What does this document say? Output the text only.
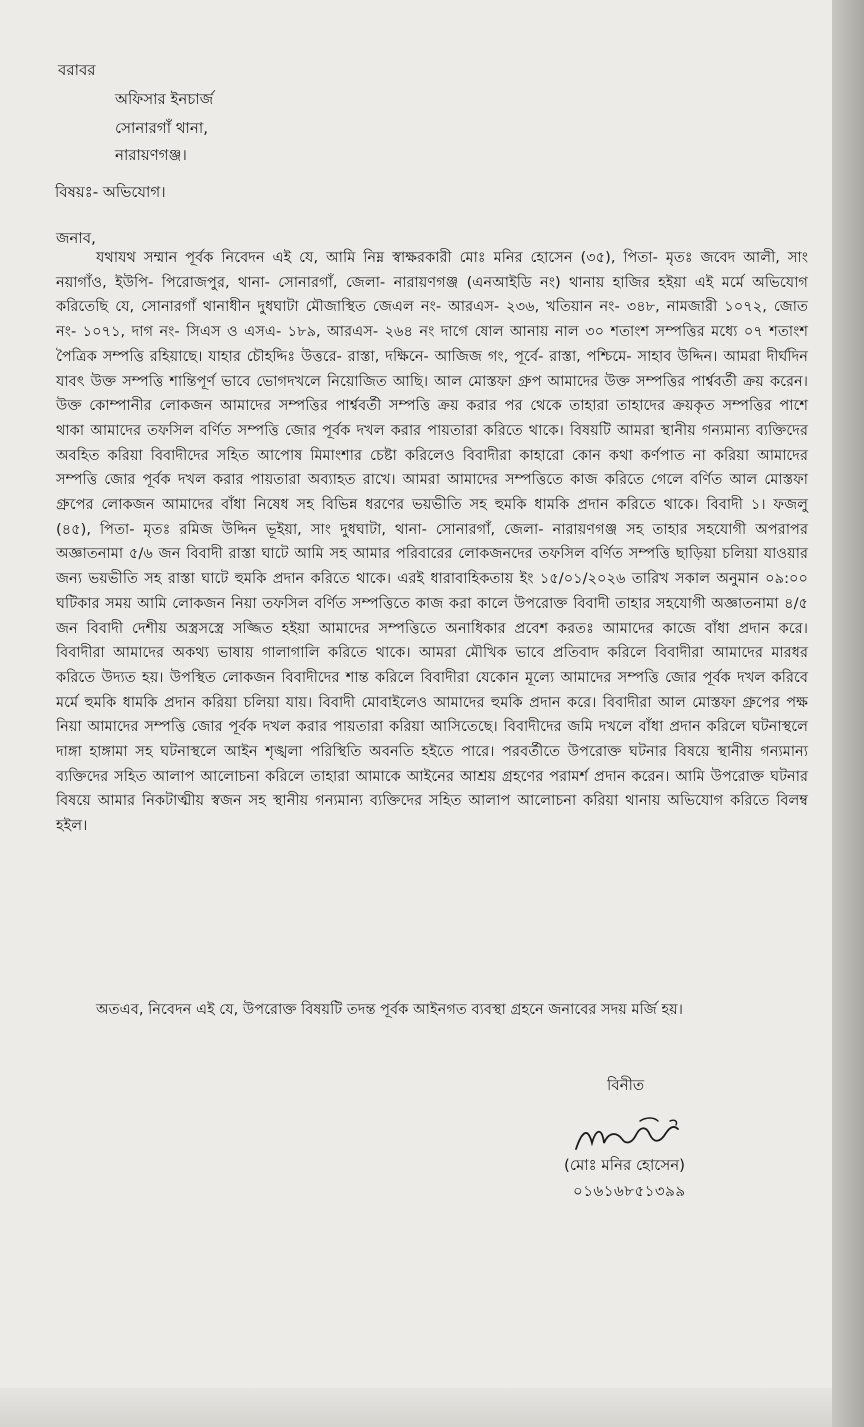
বরাবর
অফিসার ইনচার্জ
সোনারগাঁ থানা,
নারায়ণগঞ্জ।
বিষয়ঃ- অভিযোগ।
জনাব,

যথাযথ সম্মান পূর্বক নিবেদন এই যে, আমি নিম্ন স্বাক্ষরকারী মোঃ মনির হোসেন (৩৫), পিতা- মৃতঃ জবেদ আলী, সাং নয়াগাঁও, ইউপি- পিরোজপুর, থানা- সোনারগাঁ, জেলা- নারায়ণগঞ্জ (এনআইডি নং) থানায় হাজির হইয়া এই মর্মে অভিযোগ করিতেছি যে, সোনারগাঁ থানাধীন দুধঘাটা মৌজাস্থিত জেএল নং- আরএস- ২৩৬, খতিয়ান নং- ৩৪৮, নামজারী ১০৭২, জোত নং- ১০৭১, দাগ নং- সিএস ও এসএ- ১৮৯, আরএস- ২৬৪ নং দাগে ষোল আনায় নাল ৩০ শতাংশ সম্পত্তির মধ্যে ০৭ শতাংশ পৈত্রিক সম্পত্তি রহিয়াছে। যাহার চৌহদ্দিঃ উত্তরে- রাস্তা, দক্ষিনে- আজিজ গং, পূর্বে- রাস্তা, পশ্চিমে- সাহাব উদ্দিন। আমরা দীর্ঘদিন যাবৎ উক্ত সম্পত্তি শান্তিপূর্ণ ভাবে ভোগদখলে নিয়োজিত আছি। আল মোস্তফা গ্রুপ আমাদের উক্ত সম্পত্তির পার্শ্ববর্তী ক্রয় করেন। উক্ত কোম্পানীর লোকজন আমাদের সম্পত্তির পার্শ্ববর্তী সম্পত্তি ক্রয় করার পর থেকে তাহারা তাহাদের ক্রয়কৃত সম্পত্তির পাশে থাকা আমাদের তফসিল বর্ণিত সম্পত্তি জোর পূর্বক দখল করার পায়তারা করিতে থাকে। বিষয়টি আমরা স্থানীয় গন্যমান্য ব্যক্তিদের অবহিত করিয়া বিবাদীদের সহিত আপোষ মিমাংশার চেষ্টা করিলেও বিবাদীরা কাহারো কোন কথা কর্ণপাত না করিয়া আমাদের সম্পত্তি জোর পূর্বক দখল করার পায়তারা অব্যাহত রাখে। আমরা আমাদের সম্পত্তিতে কাজ করিতে গেলে বর্ণিত আল মোস্তফা গ্রুপের লোকজন আমাদের বাঁধা নিষেধ সহ বিভিন্ন ধরণের ভয়ভীতি সহ হুমকি ধামকি প্রদান করিতে থাকে। বিবাদী ১। ফজলু (৪৫), পিতা- মৃতঃ রমিজ উদ্দিন ভূইয়া, সাং দুধঘাটা, থানা- সোনারগাঁ, জেলা- নারায়ণগঞ্জ সহ তাহার সহযোগী অপরাপর অজ্ঞাতনামা ৫/৬ জন বিবাদী রাস্তা ঘাটে আমি সহ আমার পরিবারের লোকজনদের তফসিল বর্ণিত সম্পত্তি ছাড়িয়া চলিয়া যাওয়ার জন্য ভয়ভীতি সহ রাস্তা ঘাটে হুমকি প্রদান করিতে থাকে। এরই ধারাবাহিকতায় ইং ১৫/০১/২০২৬ তারিখ সকাল অনুমান ০৯:০০ ঘটিকার সময় আমি লোকজন নিয়া তফসিল বর্ণিত সম্পত্তিতে কাজ করা কালে উপরোক্ত বিবাদী তাহার সহযোগী অজ্ঞাতনামা ৪/৫ জন বিবাদী দেশীয় অস্ত্রসস্ত্রে সজ্জিত হইয়া আমাদের সম্পত্তিতে অনাধিকার প্রবেশ করতঃ আমাদের কাজে বাঁধা প্রদান করে। বিবাদীরা আমাদের অকথ্য ভাষায় গালাগালি করিতে থাকে। আমরা মৌখিক ভাবে প্রতিবাদ করিলে বিবাদীরা আমাদের মারধর করিতে উদ্যত হয়। উপস্থিত লোকজন বিবাদীদের শান্ত করিলে বিবাদীরা যেকোন মূল্যে আমাদের সম্পত্তি জোর পূর্বক দখল করিবে মর্মে হুমকি ধামকি প্রদান করিয়া চলিয়া যায়। বিবাদী মোবাইলেও আমাদের হুমকি প্রদান করে। বিবাদীরা আল মোস্তফা গ্রুপের পক্ষ নিয়া আমাদের সম্পত্তি জোর পূর্বক দখল করার পায়তারা করিয়া আসিতেছে। বিবাদীদের জমি দখলে বাঁধা প্রদান করিলে ঘটনাস্থলে দাঙ্গা হাঙ্গামা সহ ঘটনাস্থলে আইন শৃঙ্খলা পরিস্থিতি অবনতি হইতে পারে। পরবর্তীতে উপরোক্ত ঘটনার বিষয়ে স্থানীয় গন্যমান্য ব্যক্তিদের সহিত আলাপ আলোচনা করিলে তাহারা আমাকে আইনের আশ্রয় গ্রহণের পরামর্শ প্রদান করেন। আমি উপরোক্ত ঘটনার বিষয়ে আমার নিকটাত্মীয় স্বজন সহ স্থানীয় গন্যমান্য ব্যক্তিদের সহিত আলাপ আলোচনা করিয়া থানায় অভিযোগ করিতে বিলম্ব হইল।

অতএব, নিবেদন এই যে, উপরোক্ত বিষয়টি তদন্ত পূর্বক আইনগত ব্যবস্থা গ্রহনে জনাবের সদয় মর্জি হয়।
বিনীত
(মোঃ মনির হোসেন)
০১৬১৬৮৫১৩৯৯
